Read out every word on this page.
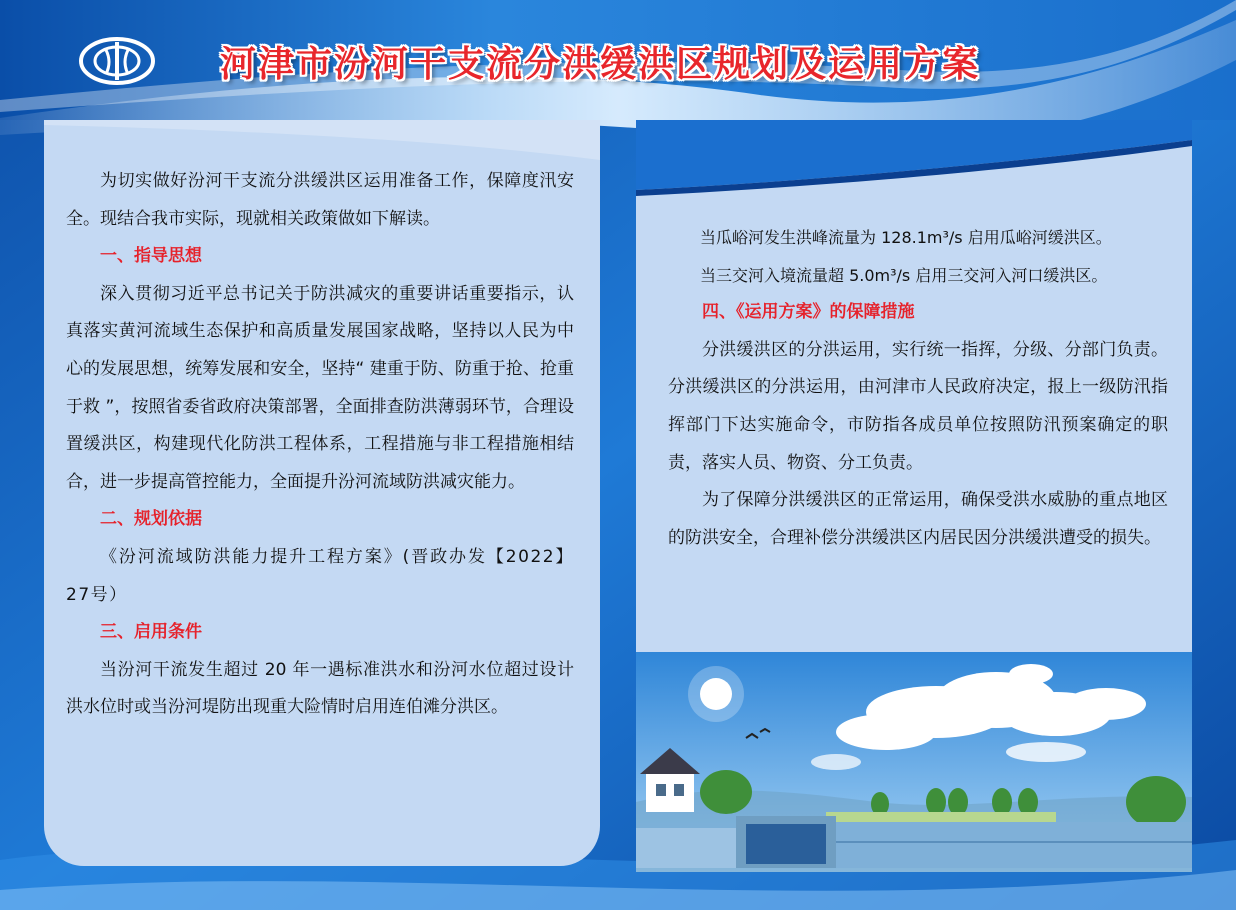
河津市汾河干支流分洪缓洪区规划及运用方案

为切实做好汾河干支流分洪缓洪区运用准备工作，保障度汛安全。现结合我市实际，现就相关政策做如下解读。

一、指导思想

深入贯彻习近平总书记关于防洪减灾的重要讲话重要指示，认真落实黄河流域生态保护和高质量发展国家战略，坚持以人民为中心的发展思想，统筹发展和安全，坚持“ 建重于防、防重于抢、抢重于救 ”，按照省委省政府决策部署，全面排查防洪薄弱环节，合理设置缓洪区，构建现代化防洪工程体系，工程措施与非工程措施相结合，进一步提高管控能力，全面提升汾河流域防洪减灾能力。

二、规划依据

《汾河流域防洪能力提升工程方案》(晋政办发【2022】27号）

三、启用条件

当汾河干流发生超过 20 年一遇标准洪水和汾河水位超过设计洪水位时或当汾河堤防出现重大险情时启用连伯滩分洪区。

当瓜峪河发生洪峰流量为 128.1m³/s 启用瓜峪河缓洪区。

当三交河入境流量超 5.0m³/s 启用三交河入河口缓洪区。

四、《运用方案》的保障措施

分洪缓洪区的分洪运用，实行统一指挥，分级、分部门负责。分洪缓洪区的分洪运用，由河津市人民政府决定，报上一级防汛指挥部门下达实施命令，市防指各成员单位按照防汛预案确定的职责，落实人员、物资、分工负责。

为了保障分洪缓洪区的正常运用，确保受洪水威胁的重点地区的防洪安全，合理补偿分洪缓洪区内居民因分洪缓洪遭受的损失。
